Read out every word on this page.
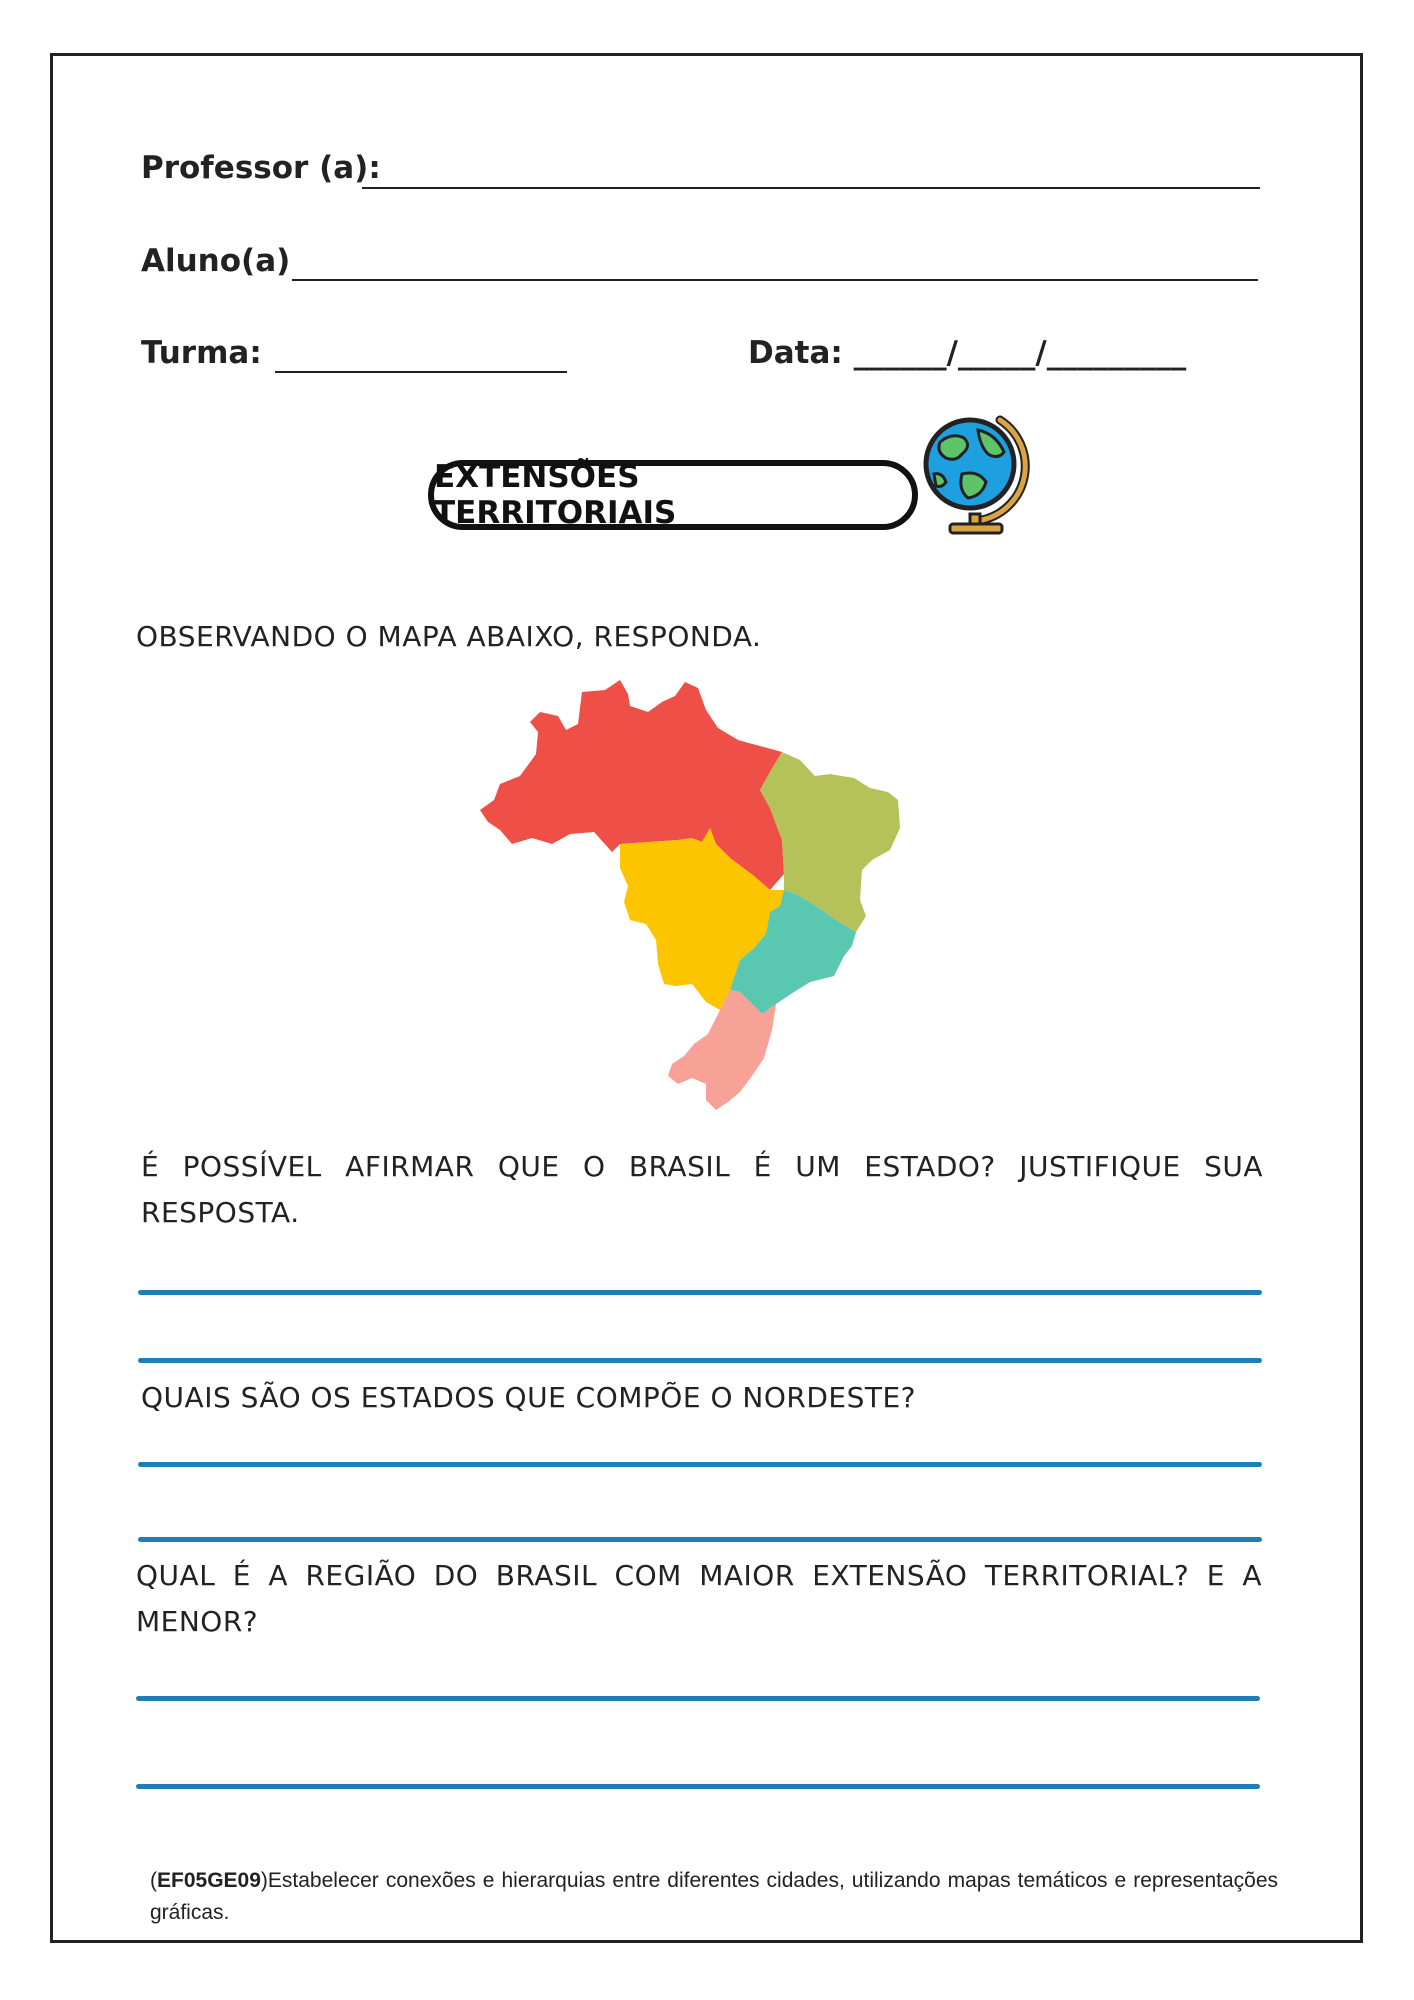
Professor (a):
Aluno(a)
Turma:	Data: ______/_____/_________
EXTENSÕES TERRITORIAIS
OBSERVANDO O MAPA ABAIXO, RESPONDA.
É POSSÍVEL AFIRMAR QUE O BRASIL É UM ESTADO? JUSTIFIQUE SUA RESPOSTA.
QUAIS SÃO OS ESTADOS QUE COMPÕE O NORDESTE?
QUAL É A REGIÃO DO BRASIL COM MAIOR EXTENSÃO TERRITORIAL? E A MENOR?
(EF05GE09)Estabelecer conexões e hierarquias entre diferentes cidades, utilizando mapas temáticos e representações gráficas.
